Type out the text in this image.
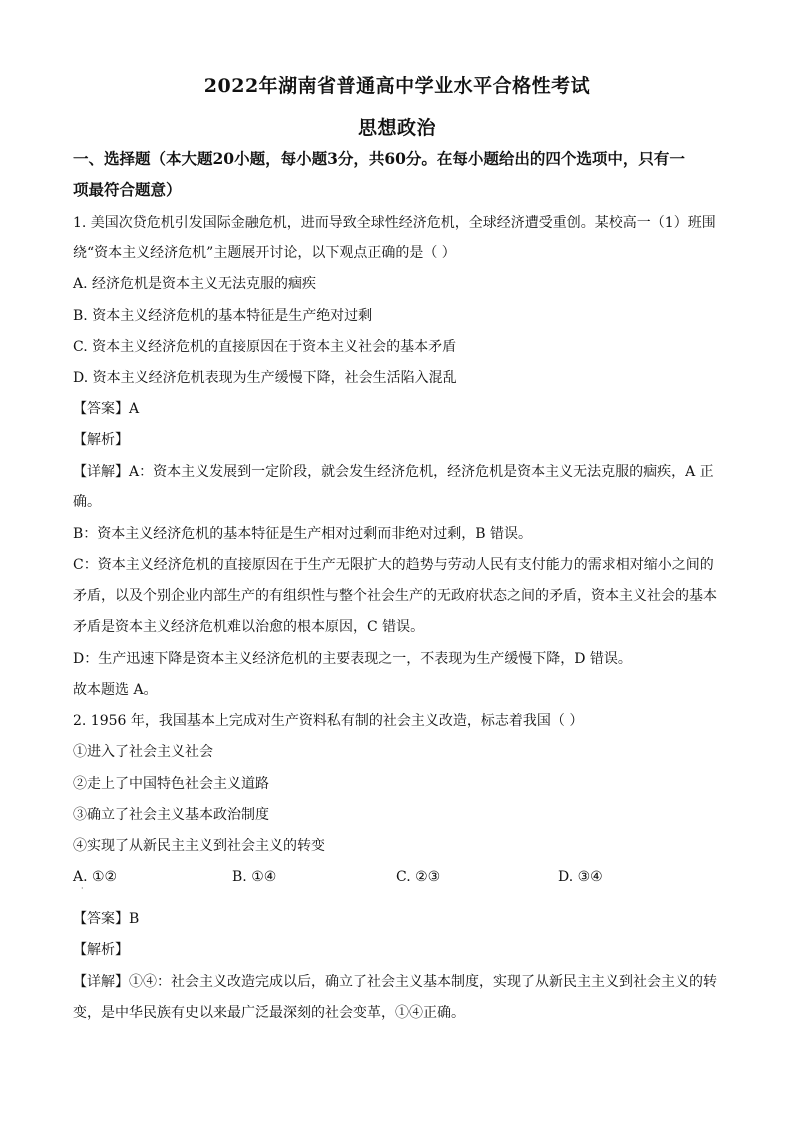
2022年湖南省普通高中学业水平合格性考试
思想政治
一、选择题（本大题20小题，每小题3分，共60分。在每小题给出的四个选项中，只有一
项最符合题意）
1. 美国次贷危机引发国际金融危机，进而导致全球性经济危机，全球经济遭受重创。某校高一（1）班围
绕“资本主义经济危机”主题展开讨论，以下观点正确的是（ ）
A. 经济危机是资本主义无法克服的痼疾
B. 资本主义经济危机的基本特征是生产绝对过剩
C. 资本主义经济危机的直接原因在于资本主义社会的基本矛盾
D. 资本主义经济危机表现为生产缓慢下降，社会生活陷入混乱
【答案】A
【解析】
【详解】A：资本主义发展到一定阶段，就会发生经济危机，经济危机是资本主义无法克服的痼疾，A 正
确。
B：资本主义经济危机的基本特征是生产相对过剩而非绝对过剩，B 错误。
C：资本主义经济危机的直接原因在于生产无限扩大的趋势与劳动人民有支付能力的需求相对缩小之间的
矛盾，以及个别企业内部生产的有组织性与整个社会生产的无政府状态之间的矛盾，资本主义社会的基本
矛盾是资本主义经济危机难以治愈的根本原因，C 错误。
D：生产迅速下降是资本主义经济危机的主要表现之一，不表现为生产缓慢下降，D 错误。
故本题选 A。
2. 1956 年，我国基本上完成对生产资料私有制的社会主义改造，标志着我国（ ）
①进入了社会主义社会
②走上了中国特色社会主义道路
③确立了社会主义基本政治制度
④实现了从新民主主义到社会主义的转变
A. ①②	B. ①④	C. ②③	D. ③④
·
【答案】B
【解析】
【详解】①④：社会主义改造完成以后，确立了社会主义基本制度，实现了从新民主主义到社会主义的转
变，是中华民族有史以来最广泛最深刻的社会变革，①④正确。
